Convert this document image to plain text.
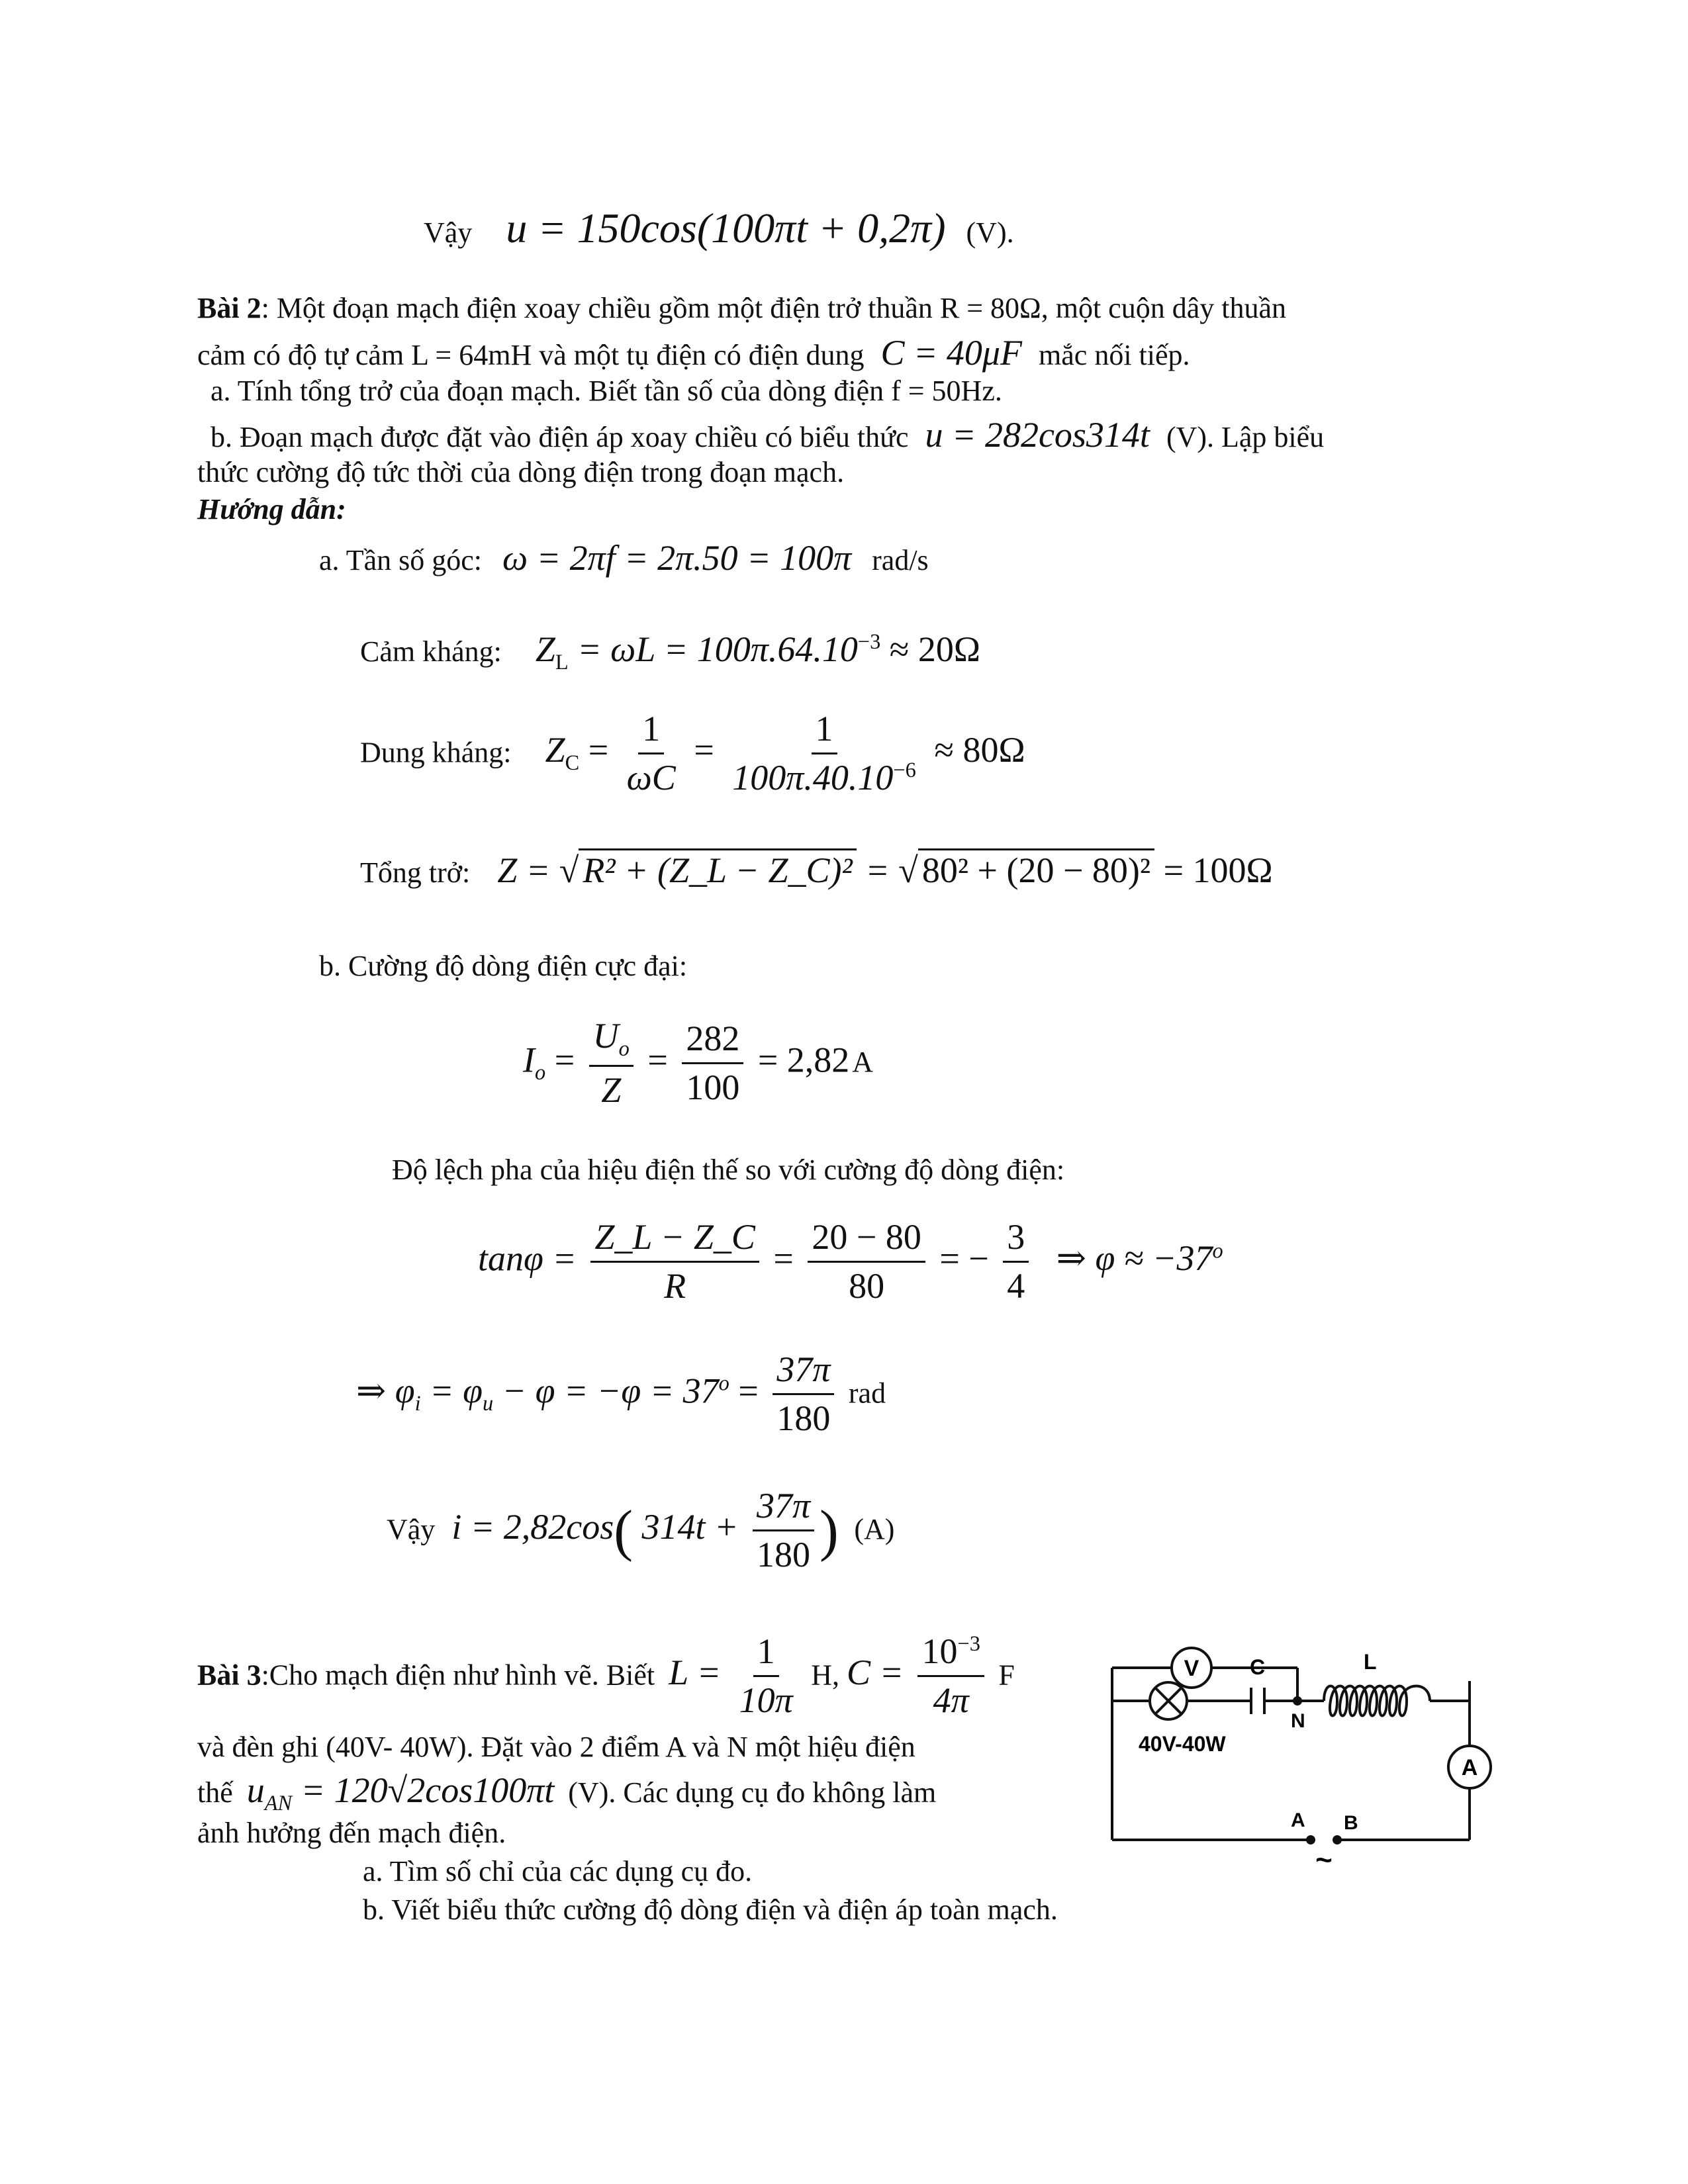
Vậy u = 150cos(100πt + 0,2π) (V).
Bài 2: Một đoạn mạch điện xoay chiều gồm một điện trở thuần R = 80Ω, một cuộn dây thuần
cảm có độ tự cảm L = 64mH và một tụ điện có điện dung C = 40μF mắc nối tiếp.
a. Tính tổng trở của đoạn mạch. Biết tần số của dòng điện f = 50Hz.
b. Đoạn mạch được đặt vào điện áp xoay chiều có biểu thức u = 282cos314t (V). Lập biểu
thức cường độ tức thời của dòng điện trong đoạn mạch.
Hướng dẫn:
a. Tần số góc: ω = 2πf = 2π.50 = 100π rad/s
Cảm kháng: $Z_L = \omega L = 100\pi.64.10^{-3} \approx 20\Omega$
Dung kháng: $Z_C = \frac{1}{\omega C} = \frac{1}{100\pi.40.10^{-6}} \approx 80\Omega$
Tổng trở: Z = √ R² + (Z_L − Z_C)² = √ 80² + (20 − 80)² = 100Ω
b. Cường độ dòng điện cực đại:
$I_o = \frac{U_o}{Z} = \frac{282}{100} = 2,82A$
Độ lệch pha của hiệu điện thế so với cường độ dòng điện:
$\tan\varphi = \frac{Z\_L - Z\_C}{R} = \frac{20 - 80}{80}$ = − $\frac{3}{4}$ ⇒ $\varphi \approx -37^o$
⇒ $\varphi_i = \varphi_u - \varphi = -\varphi = 37^o = \frac{37\pi}{180}$ rad
Vậy i = 2,82cos( $314t + \frac{37\pi}{180}$ ) (A)
Bài 3:Cho mạch điện như hình vẽ. Biết $L = \frac{1}{10\pi} H$, $C = \frac{10^{-3}}{4\pi}$ F
và đèn ghi (40V- 40W). Đặt vào 2 điểm A và N một hiệu điện
thế $u_{AN} = 120√2\cos 100\pi t$ (V). Các dụng cụ đo không làm
ảnh hưởng đến mạch điện.
a. Tìm số chỉ của các dụng cụ đo.
b. Viết biểu thức cường độ dòng điện và điện áp toàn mạch.
V
40V-40W
C
N
L
A
A B
~
